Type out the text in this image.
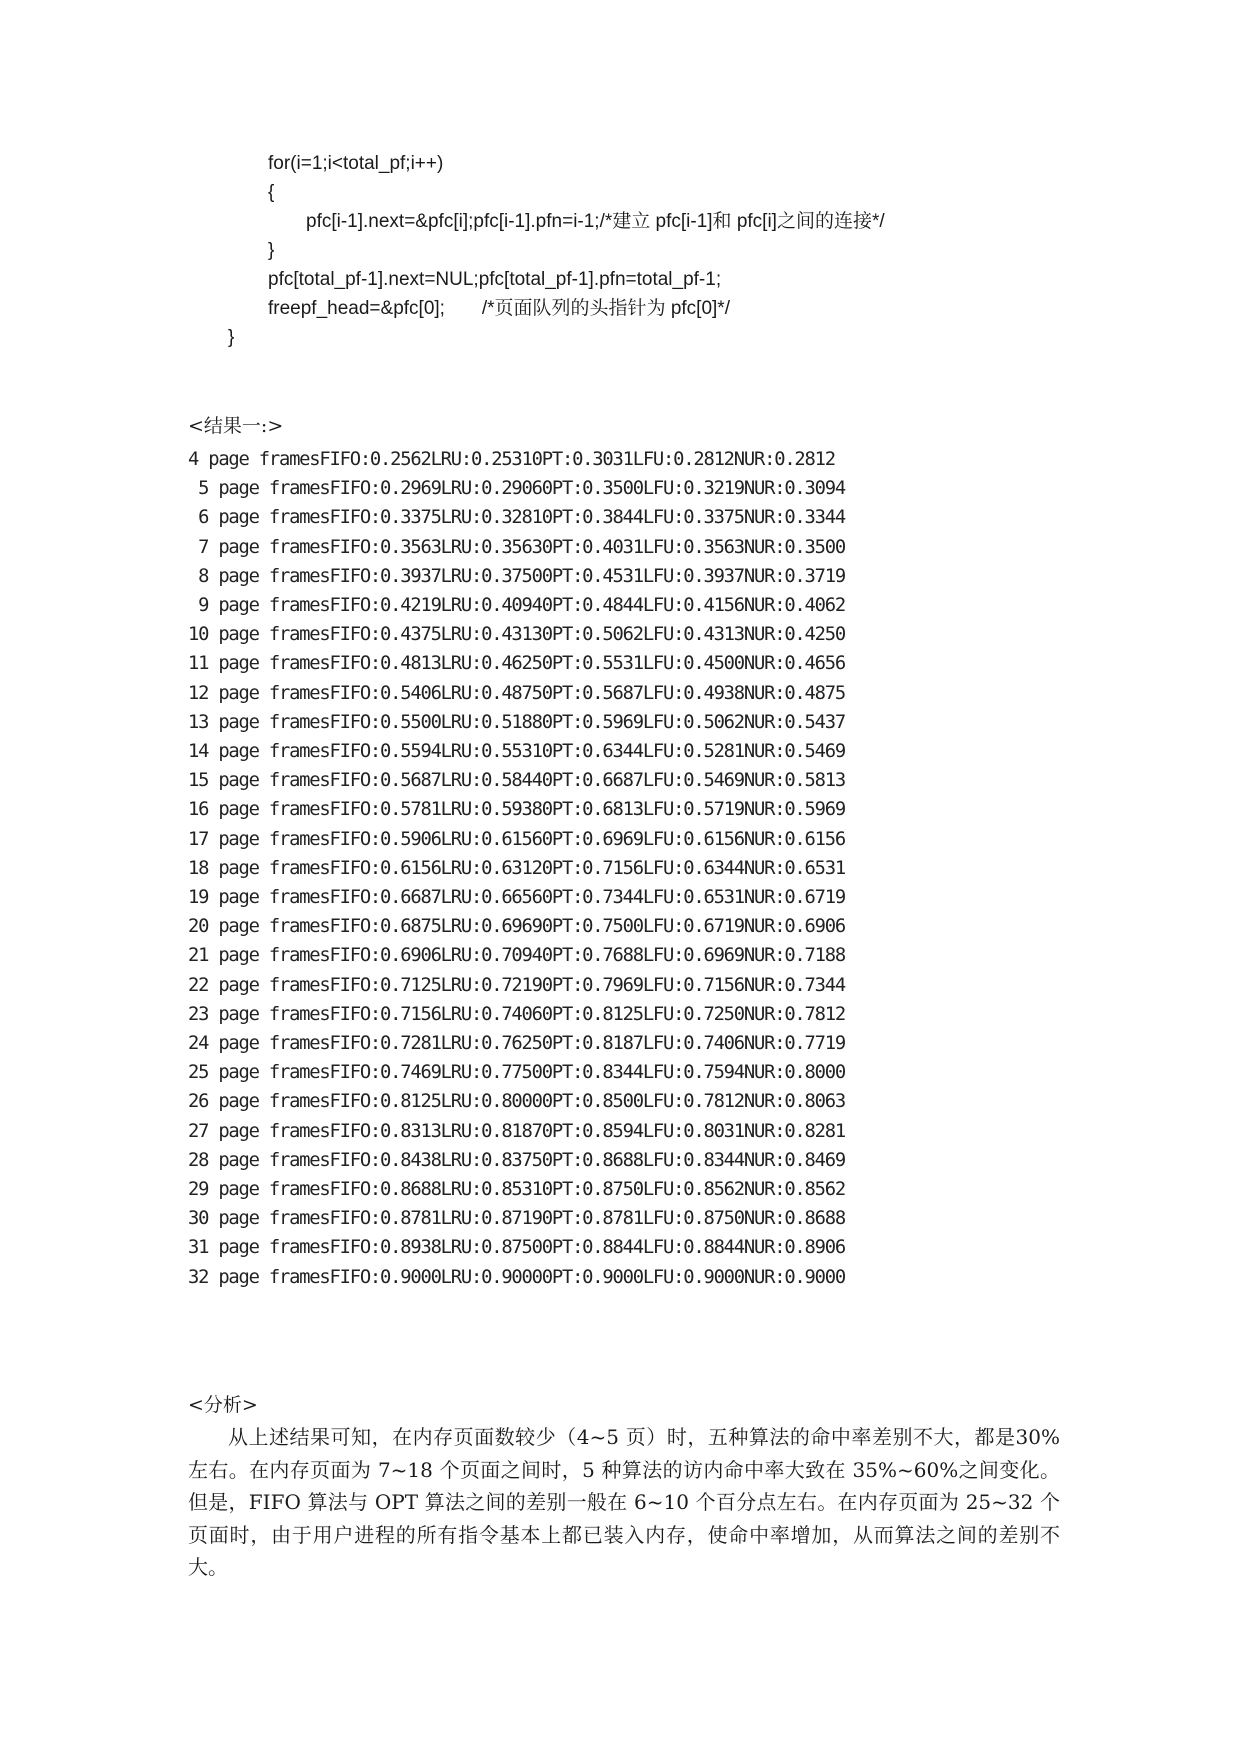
for(i=1;i<total_pf;i++)
{
pfc[i-1].next=&pfc[i];pfc[i-1].pfn=i-1;/*建立 pfc[i-1]和 pfc[i]之间的连接*/
}
pfc[total_pf-1].next=NUL;pfc[total_pf-1].pfn=total_pf-1;
freepf_head=&pfc[0];       /*页面队列的头指针为 pfc[0]*/
}
<结果一:>
4 page framesFIFO:0.2562LRU:0.25310PT:0.3031LFU:0.2812NUR:0.2812
5 page framesFIFO:0.2969LRU:0.29060PT:0.3500LFU:0.3219NUR:0.3094
6 page framesFIFO:0.3375LRU:0.32810PT:0.3844LFU:0.3375NUR:0.3344
7 page framesFIFO:0.3563LRU:0.35630PT:0.4031LFU:0.3563NUR:0.3500
8 page framesFIFO:0.3937LRU:0.37500PT:0.4531LFU:0.3937NUR:0.3719
9 page framesFIFO:0.4219LRU:0.40940PT:0.4844LFU:0.4156NUR:0.4062
10 page framesFIFO:0.4375LRU:0.43130PT:0.5062LFU:0.4313NUR:0.4250
11 page framesFIFO:0.4813LRU:0.46250PT:0.5531LFU:0.4500NUR:0.4656
12 page framesFIFO:0.5406LRU:0.48750PT:0.5687LFU:0.4938NUR:0.4875
13 page framesFIFO:0.5500LRU:0.51880PT:0.5969LFU:0.5062NUR:0.5437
14 page framesFIFO:0.5594LRU:0.55310PT:0.6344LFU:0.5281NUR:0.5469
15 page framesFIFO:0.5687LRU:0.58440PT:0.6687LFU:0.5469NUR:0.5813
16 page framesFIFO:0.5781LRU:0.59380PT:0.6813LFU:0.5719NUR:0.5969
17 page framesFIFO:0.5906LRU:0.61560PT:0.6969LFU:0.6156NUR:0.6156
18 page framesFIFO:0.6156LRU:0.63120PT:0.7156LFU:0.6344NUR:0.6531
19 page framesFIFO:0.6687LRU:0.66560PT:0.7344LFU:0.6531NUR:0.6719
20 page framesFIFO:0.6875LRU:0.69690PT:0.7500LFU:0.6719NUR:0.6906
21 page framesFIFO:0.6906LRU:0.70940PT:0.7688LFU:0.6969NUR:0.7188
22 page framesFIFO:0.7125LRU:0.72190PT:0.7969LFU:0.7156NUR:0.7344
23 page framesFIFO:0.7156LRU:0.74060PT:0.8125LFU:0.7250NUR:0.7812
24 page framesFIFO:0.7281LRU:0.76250PT:0.8187LFU:0.7406NUR:0.7719
25 page framesFIFO:0.7469LRU:0.77500PT:0.8344LFU:0.7594NUR:0.8000
26 page framesFIFO:0.8125LRU:0.80000PT:0.8500LFU:0.7812NUR:0.8063
27 page framesFIFO:0.8313LRU:0.81870PT:0.8594LFU:0.8031NUR:0.8281
28 page framesFIFO:0.8438LRU:0.83750PT:0.8688LFU:0.8344NUR:0.8469
29 page framesFIFO:0.8688LRU:0.85310PT:0.8750LFU:0.8562NUR:0.8562
30 page framesFIFO:0.8781LRU:0.87190PT:0.8781LFU:0.8750NUR:0.8688
31 page framesFIFO:0.8938LRU:0.87500PT:0.8844LFU:0.8844NUR:0.8906
32 page framesFIFO:0.9000LRU:0.90000PT:0.9000LFU:0.9000NUR:0.9000
<分析>

从上述结果可知，在内存页面数较少（4~5 页）时，五种算法的命中率差别不大，都是30%左右。在内存页面为 7~18 个页面之间时，5 种算法的访内命中率大致在 35%~60%之间变化。但是，FIFO 算法与 OPT 算法之间的差别一般在 6~10 个百分点左右。在内存页面为 25~32 个页面时，由于用户进程的所有指令基本上都已装入内存，使命中率增加，从而算法之间的差别不大。
